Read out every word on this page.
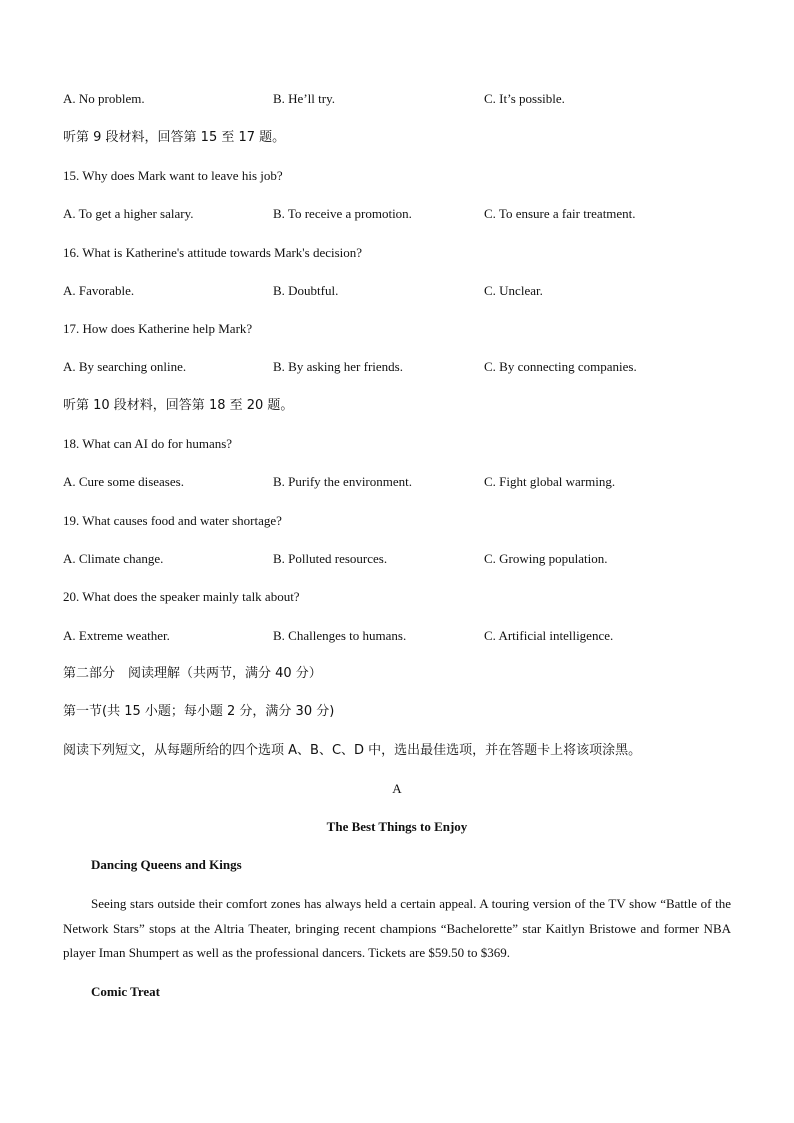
A. No problem.	B. He’ll try.	C. It’s possible.
听第 9 段材料，回答第 15 至 17 题。
15. Why does Mark want to leave his job?
A. To get a higher salary.	B. To receive a promotion.	C. To ensure a fair treatment.
16. What is Katherine's attitude towards Mark's decision?
A. Favorable.	B. Doubtful.	C. Unclear.
17. How does Katherine help Mark?
A. By searching online.	B. By asking her friends.	C. By connecting companies.
听第 10 段材料，回答第 18 至 20 题。
18. What can AI do for humans?
A. Cure some diseases.	B. Purify the environment.	C. Fight global warming.
19. What causes food and water shortage?
A. Climate change.	B. Polluted resources.	C. Growing population.
20. What does the speaker mainly talk about?
A. Extreme weather.	B. Challenges to humans.	C. Artificial intelligence.
第二部分　阅读理解（共两节，满分 40 分）
第一节(共 15 小题；每小题 2 分，满分 30 分)
阅读下列短文，从每题所给的四个选项 A、B、C、D 中，选出最佳选项，并在答题卡上将该项涂黑。
A
The Best Things to Enjoy
Dancing Queens and Kings
Seeing stars outside their comfort zones has always held a certain appeal. A touring version of the TV show “Battle of the Network Stars” stops at the Altria Theater, bringing recent champions “Bachelorette” star Kaitlyn Bristowe and former NBA player Iman Shumpert as well as the professional dancers. Tickets are $59.50 to $369.
Comic Treat
